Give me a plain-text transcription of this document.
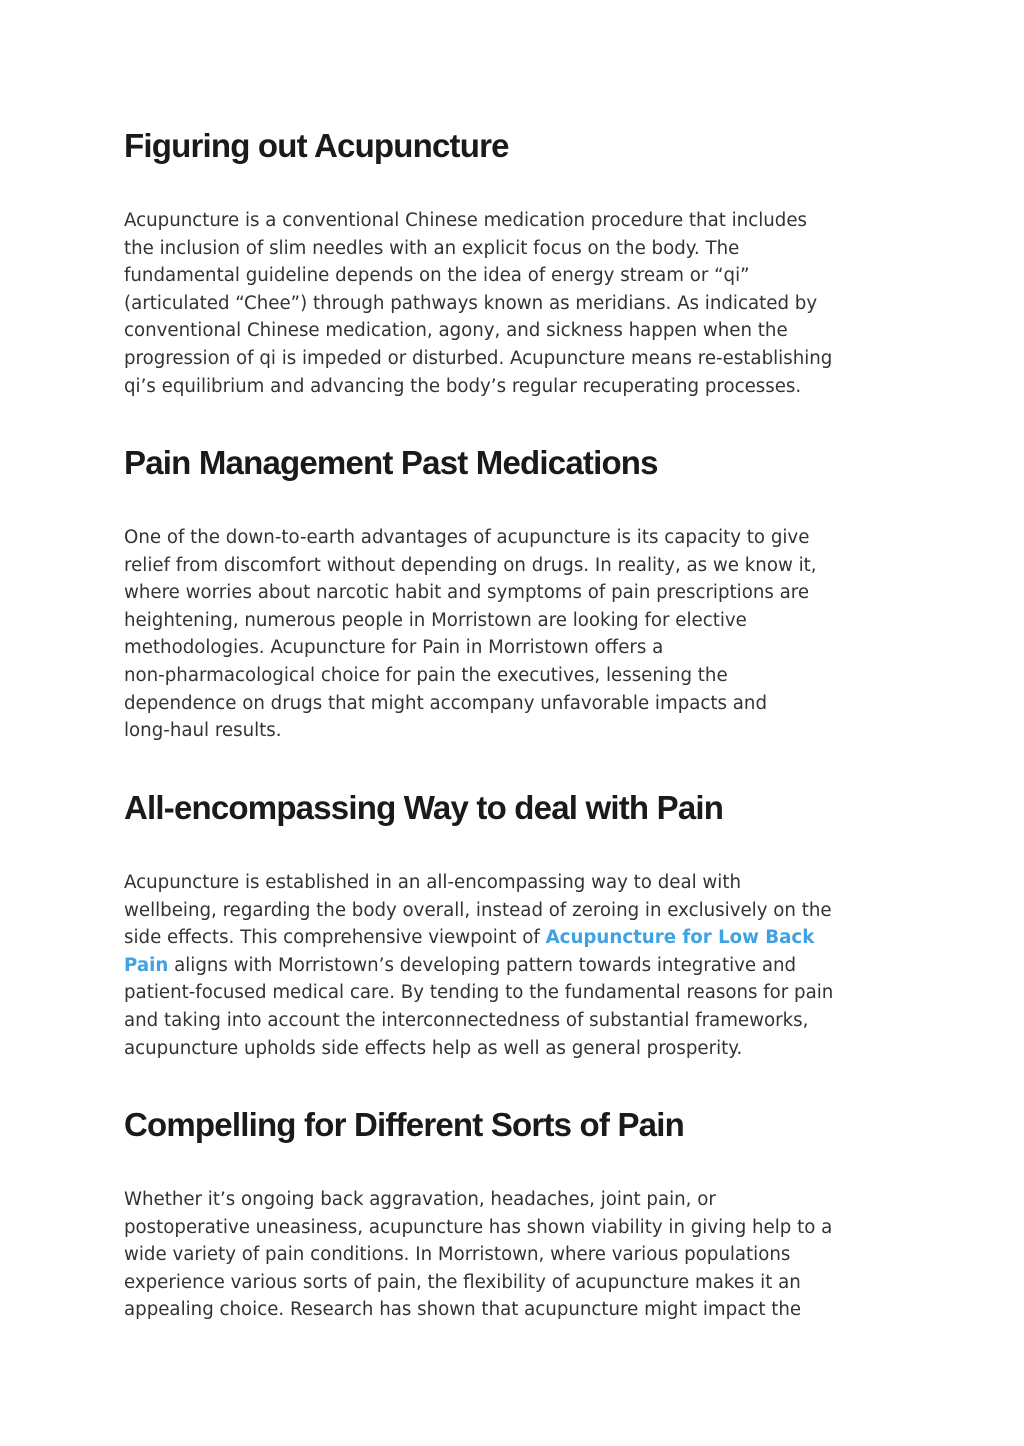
Figuring out Acupuncture

Acupuncture is a conventional Chinese medication procedure that includes
the inclusion of slim needles with an explicit focus on the body. The
fundamental guideline depends on the idea of energy stream or “qi”
(articulated “Chee”) through pathways known as meridians. As indicated by
conventional Chinese medication, agony, and sickness happen when the
progression of qi is impeded or disturbed. Acupuncture means re-establishing
qi’s equilibrium and advancing the body’s regular recuperating processes.

Pain Management Past Medications

One of the down-to-earth advantages of acupuncture is its capacity to give
relief from discomfort without depending on drugs. In reality, as we know it,
where worries about narcotic habit and symptoms of pain prescriptions are
heightening, numerous people in Morristown are looking for elective
methodologies. Acupuncture for Pain in Morristown offers a
non-pharmacological choice for pain the executives, lessening the
dependence on drugs that might accompany unfavorable impacts and
long-haul results.

All-encompassing Way to deal with Pain

Acupuncture is established in an all-encompassing way to deal with
wellbeing, regarding the body overall, instead of zeroing in exclusively on the
side effects. This comprehensive viewpoint of Acupuncture for Low Back
Pain aligns with Morristown’s developing pattern towards integrative and
patient-focused medical care. By tending to the fundamental reasons for pain
and taking into account the interconnectedness of substantial frameworks,
acupuncture upholds side effects help as well as general prosperity.

Compelling for Different Sorts of Pain

Whether it’s ongoing back aggravation, headaches, joint pain, or
postoperative uneasiness, acupuncture has shown viability in giving help to a
wide variety of pain conditions. In Morristown, where various populations
experience various sorts of pain, the flexibility of acupuncture makes it an
appealing choice. Research has shown that acupuncture might impact the
